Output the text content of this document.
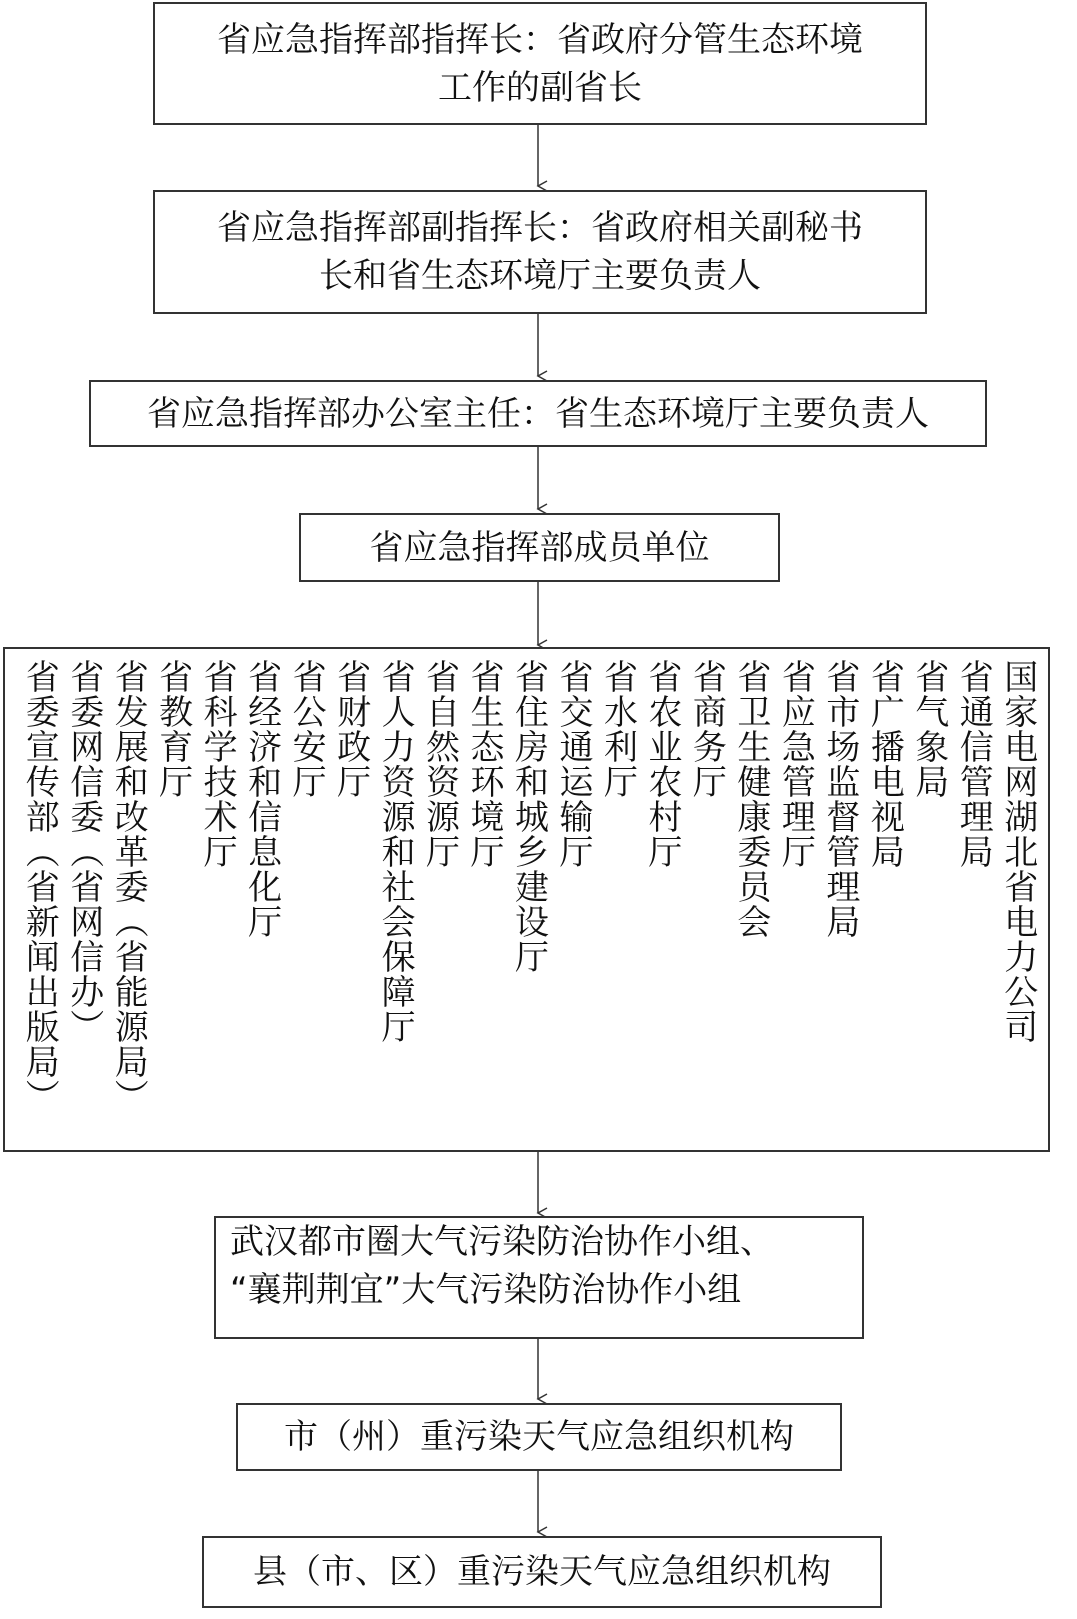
省应急指挥部指挥长：省政府分管生态环境
工作的副省长
省应急指挥部副指挥长：省政府相关副秘书
长和省生态环境厅主要负责人
省应急指挥部办公室主任：省生态环境厅主要负责人
省应急指挥部成员单位
国家电网湖北省电力公司
省通信管理局
省气象局
省广播电视局
省市场监督管理局
省应急管理厅
省卫生健康委员会
省商务厅
省农业农村厅
省水利厅
省交通运输厅
省住房和城乡建设厅
省生态环境厅
省自然资源厅
省人力资源和社会保障厅
省财政厅
省公安厅
省经济和信息化厅
省科学技术厅
省教育厅
省发展和改革委（省能源局）
省委网信委（省网信办）
省委宣传部（省新闻出版局）
武汉都市圈大气污染防治协作小组、
“襄荆荆宜”大气污染防治协作小组
市（州）重污染天气应急组织机构
县（市、区）重污染天气应急组织机构
